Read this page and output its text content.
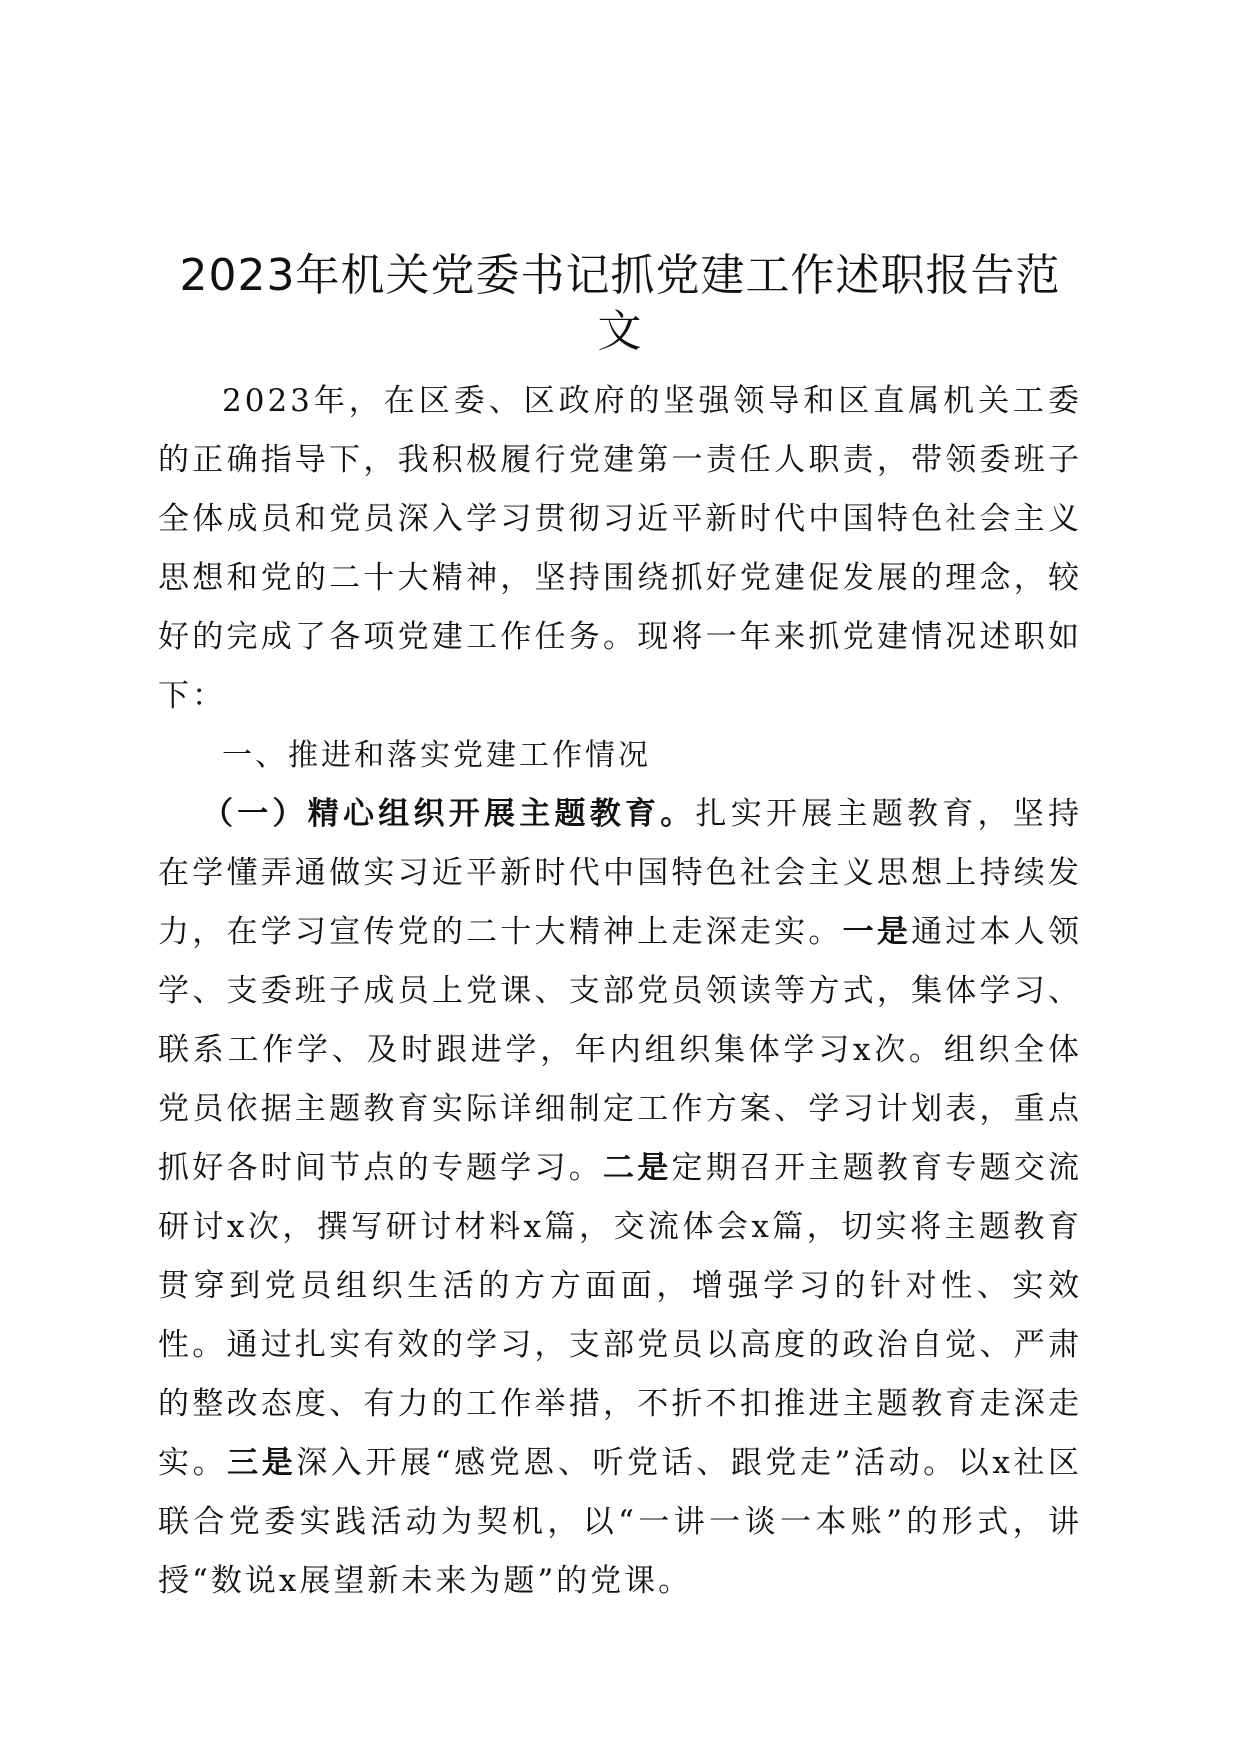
2023年机关党委书记抓党建工作述职报告范
文

2023年，在区委、区政府的坚强领导和区直属机关工委的正确指导下，我积极履行党建第一责任人职责，带领委班子全体成员和党员深入学习贯彻习近平新时代中国特色社会主义思想和党的二十大精神，坚持围绕抓好党建促发展的理念，较好的完成了各项党建工作任务。现将一年来抓党建情况述职如下：

一、推进和落实党建工作情况

（一）精心组织开展主题教育。扎实开展主题教育，坚持在学懂弄通做实习近平新时代中国特色社会主义思想上持续发力，在学习宣传党的二十大精神上走深走实。一是通过本人领学、支委班子成员上党课、支部党员领读等方式，集体学习、联系工作学、及时跟进学，年内组织集体学习x次。组织全体党员依据主题教育实际详细制定工作方案、学习计划表，重点抓好各时间节点的专题学习。二是定期召开主题教育专题交流研讨x次，撰写研讨材料x篇，交流体会x篇，切实将主题教育贯穿到党员组织生活的方方面面，增强学习的针对性、实效性。通过扎实有效的学习，支部党员以高度的政治自觉、严肃的整改态度、有力的工作举措，不折不扣推进主题教育走深走实。三是深入开展“感党恩、听党话、跟党走”活动。以x社区联合党委实践活动为契机，以“一讲一谈一本账”的形式，讲授“数说x展望新未来为题”的党课。
